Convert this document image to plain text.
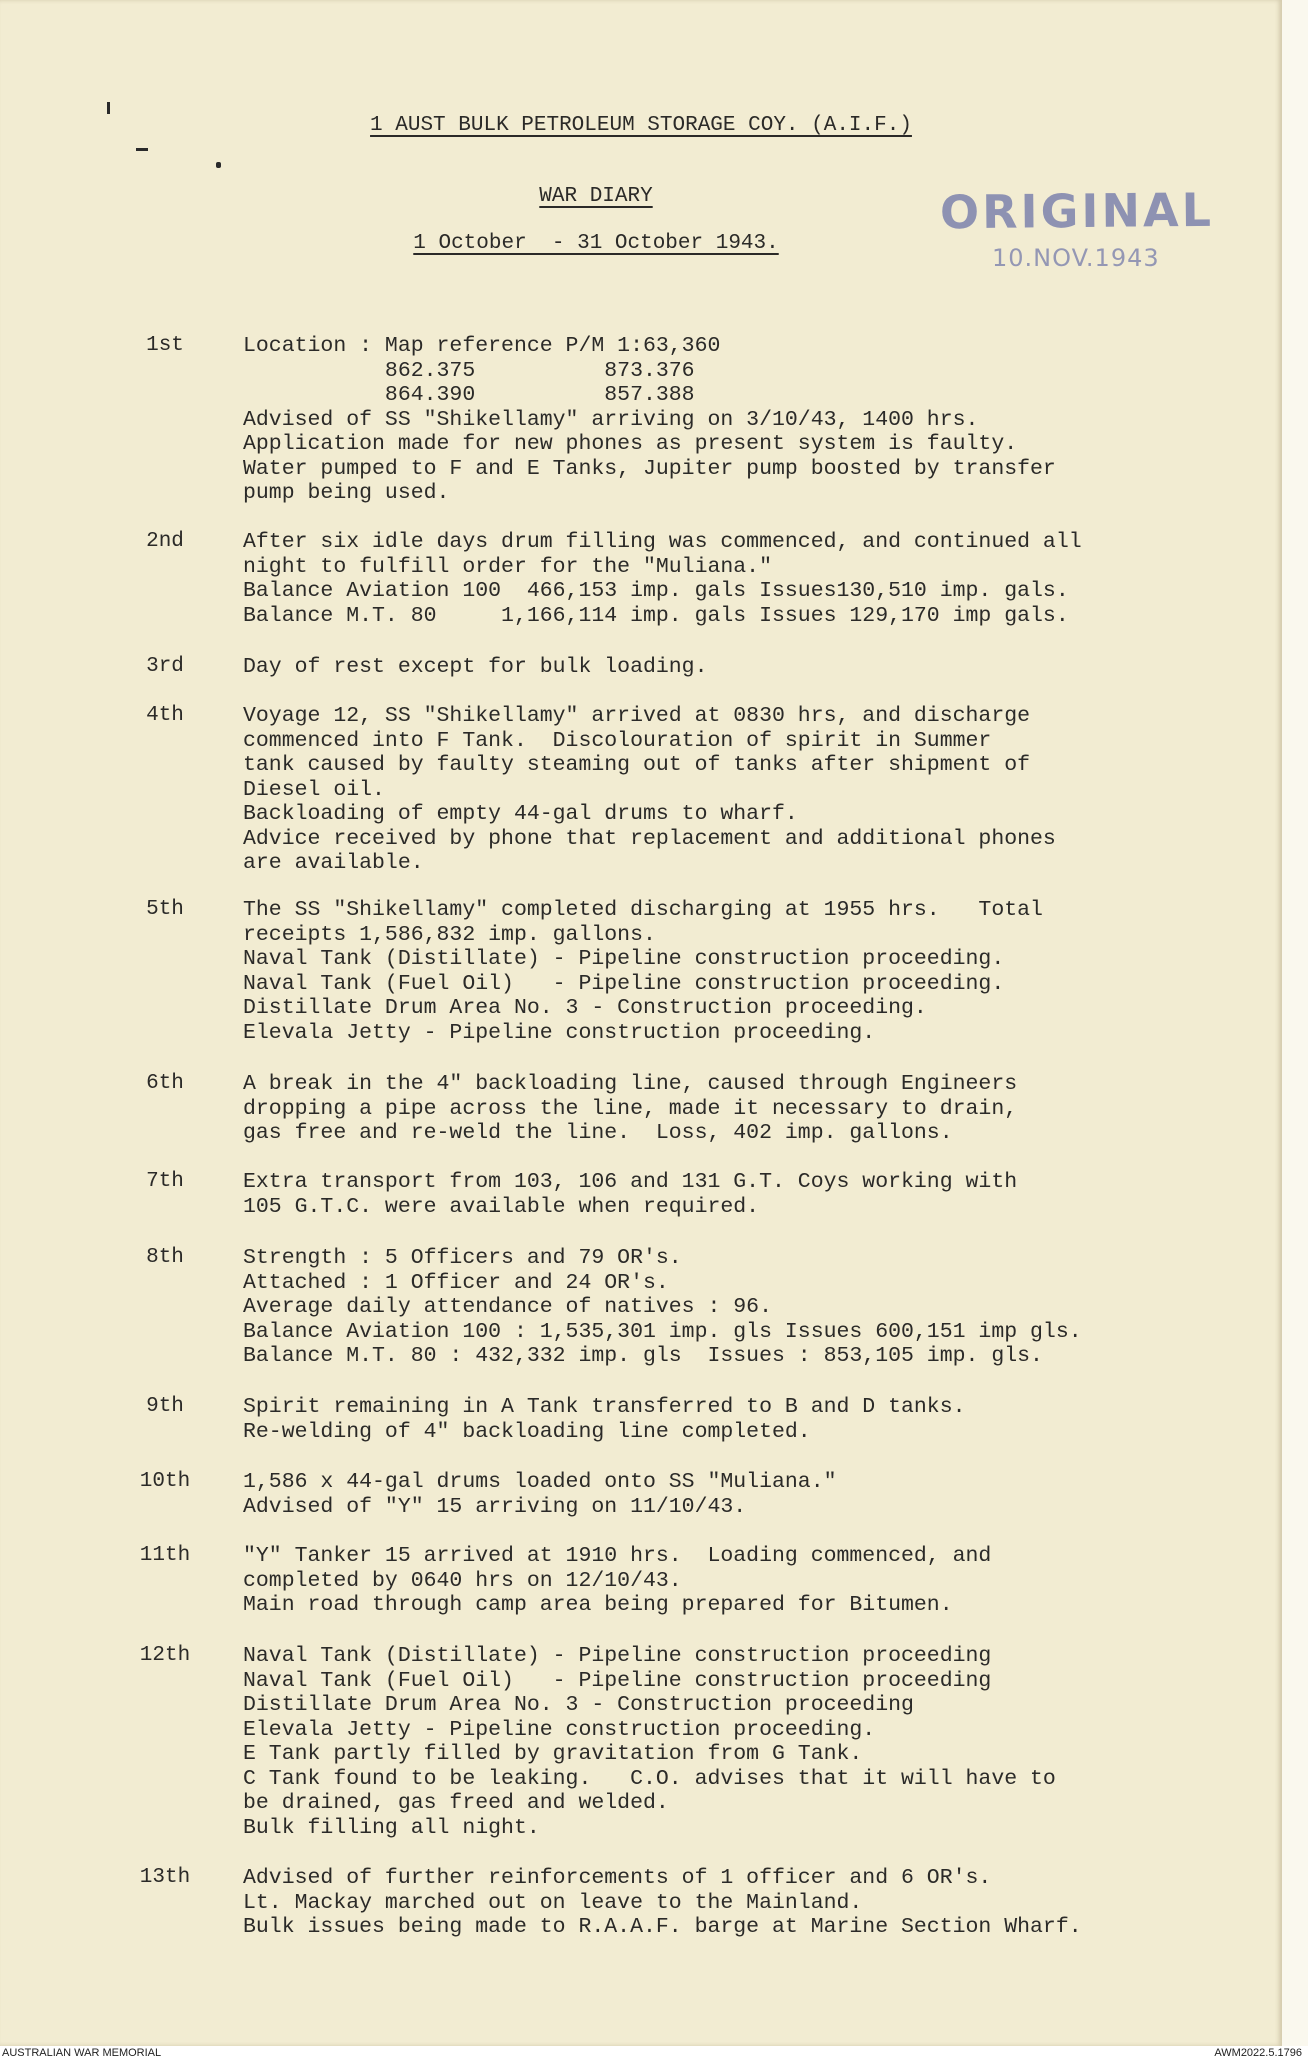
1 AUST BULK PETROLEUM STORAGE COY. (A.I.F.)
WAR DIARY
1 October  - 31 October 1943.
ORIGINAL
10.NOV.1943
1st	Location : Map reference P/M 1:63,360
862.375          873.376
864.390          857.388
Advised of SS "Shikellamy" arriving on 3/10/43, 1400 hrs.
Application made for new phones as present system is faulty.
Water pumped to F and E Tanks, Jupiter pump boosted by transfer
pump being used.
2nd	After six idle days drum filling was commenced, and continued all
night to fulfill order for the "Muliana."
Balance Aviation 100  466,153 imp. gals Issues130,510 imp. gals.
Balance M.T. 80     1,166,114 imp. gals Issues 129,170 imp gals.
3rd	Day of rest except for bulk loading.
4th	Voyage 12, SS "Shikellamy" arrived at 0830 hrs, and discharge
commenced into F Tank.  Discolouration of spirit in Summer
tank caused by faulty steaming out of tanks after shipment of
Diesel oil.
Backloading of empty 44-gal drums to wharf.
Advice received by phone that replacement and additional phones
are available.
5th	The SS "Shikellamy" completed discharging at 1955 hrs.   Total
receipts 1,586,832 imp. gallons.
Naval Tank (Distillate) - Pipeline construction proceeding.
Naval Tank (Fuel Oil)   - Pipeline construction proceeding.
Distillate Drum Area No. 3 - Construction proceeding.
Elevala Jetty - Pipeline construction proceeding.
6th	A break in the 4" backloading line, caused through Engineers
dropping a pipe across the line, made it necessary to drain,
gas free and re-weld the line.  Loss, 402 imp. gallons.
7th	Extra transport from 103, 106 and 131 G.T. Coys working with
105 G.T.C. were available when required.
8th	Strength : 5 Officers and 79 OR's.
Attached : 1 Officer and 24 OR's.
Average daily attendance of natives : 96.
Balance Aviation 100 : 1,535,301 imp. gls Issues 600,151 imp gls.
Balance M.T. 80 : 432,332 imp. gls  Issues : 853,105 imp. gls.
9th	Spirit remaining in A Tank transferred to B and D tanks.
Re-welding of 4" backloading line completed.
10th	1,586 x 44-gal drums loaded onto SS "Muliana."
Advised of "Y" 15 arriving on 11/10/43.
11th	"Y" Tanker 15 arrived at 1910 hrs.  Loading commenced, and
completed by 0640 hrs on 12/10/43.
Main road through camp area being prepared for Bitumen.
12th	Naval Tank (Distillate) - Pipeline construction proceeding
Naval Tank (Fuel Oil)   - Pipeline construction proceeding
Distillate Drum Area No. 3 - Construction proceeding
Elevala Jetty - Pipeline construction proceeding.
E Tank partly filled by gravitation from G Tank.
C Tank found to be leaking.   C.O. advises that it will have to
be drained, gas freed and welded.
Bulk filling all night.
13th	Advised of further reinforcements of 1 officer and 6 OR's.
Lt. Mackay marched out on leave to the Mainland.
Bulk issues being made to R.A.A.F. barge at Marine Section Wharf.
AUSTRALIAN WAR MEMORIAL	AWM2022.5.1796
